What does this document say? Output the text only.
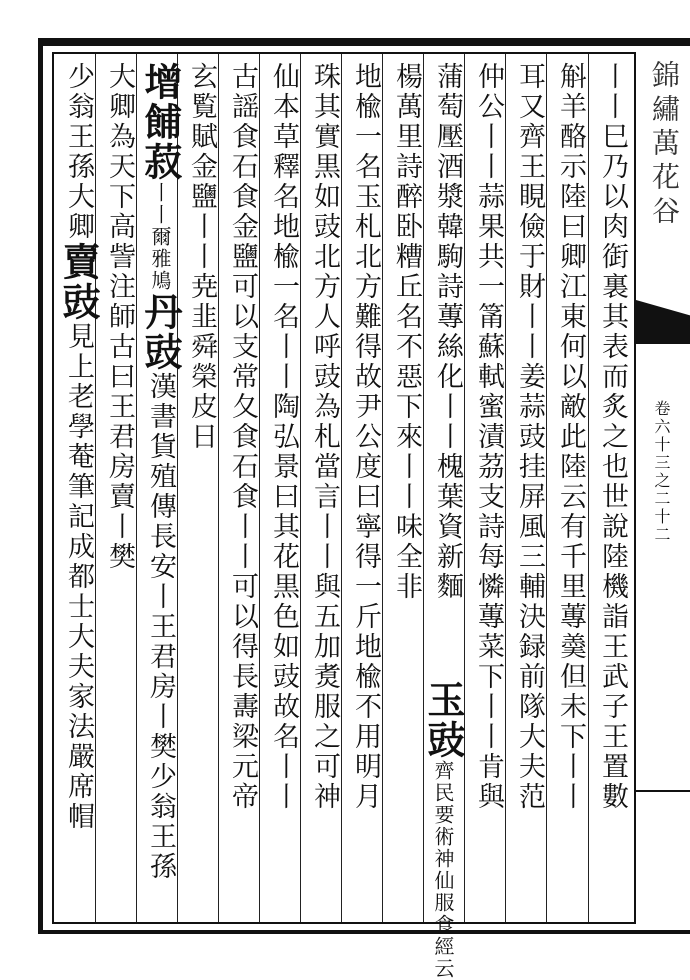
錦繡萬花谷
卷六十三之二十二
丨丨巳乃以肉衘裏其表而炙之也世說陸機詣王武子王置數
斛羊酪示陸曰卿江東何以敵此陸云有千里蓴羮但未下丨丨
耳又齊王睍儉于財丨丨姜蒜豉挂屏風三輔決録前隊大夫范
仲公丨丨蒜果共一筩蘇軾蜜漬茘支詩每憐蓴菜下丨丨肯與
蒲萄壓酒漿韓駒詩蓴絲化丨丨槐葉資新麵
楊萬里詩醉卧糟丘名不惡下來丨丨味全非
地楡一名玉札北方難得故尹公度曰寧得一斤地楡不用明月 玉豉齊民要術神仙服食經云
珠其實黒如豉北方人呼豉為札當言丨丨與五加煑服之可神
仙本草釋名地楡一名丨丨陶弘景曰其花黒色如豉故名丨丨
古謡食石食金鹽可以支常夂食石食丨丨可以得長夀梁元帝
玄覧賦金鹽丨丨尭韭舜榮皮日
增餔菽丨丨爾雅鳩丹豉漢書貨殖傳長安丨王君房丨樊少翁王孫
大卿為天下高訾注師古曰王君房賣丨樊
少翁王孫大卿賣豉見上老學菴筆記成都士大夫家法嚴席帽
